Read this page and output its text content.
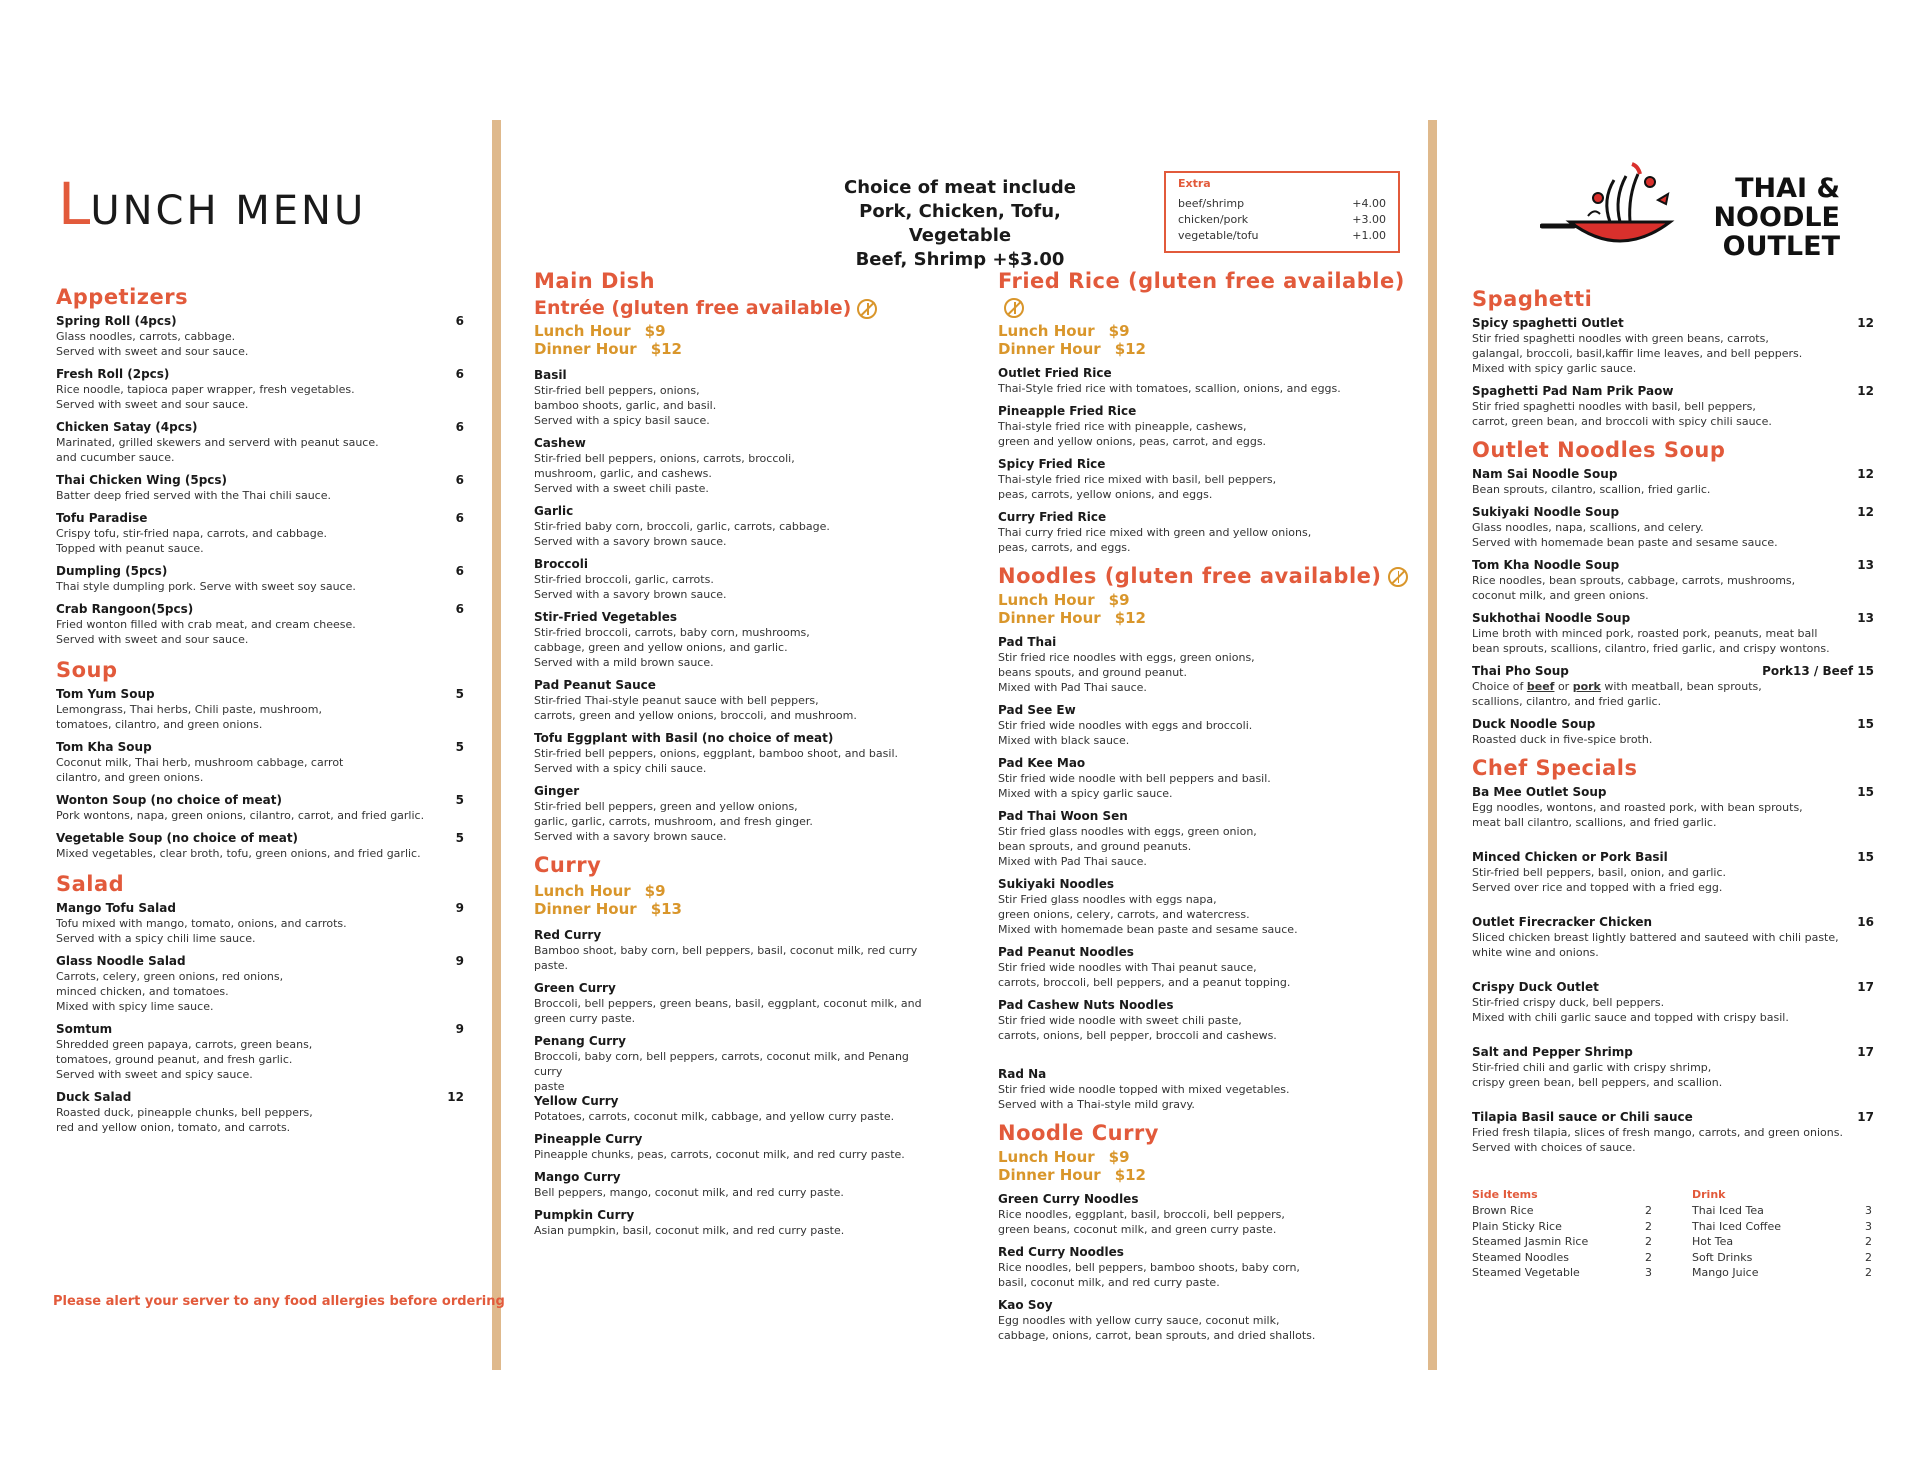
LUNCH MENU
Choice of meat include
Pork, Chicken, Tofu, Vegetable
Beef, Shrimp +$3.00
Extra
beef/shrimp	+4.00
chicken/pork	+3.00
vegetable/tofu	+1.00
THAI &
NOODLE
OUTLET
Appetizers
Spring Roll (4pcs)	6
Glass noodles, carrots, cabbage.
Served with sweet and sour sauce.
Fresh Roll (2pcs)	6
Rice noodle, tapioca paper wrapper, fresh vegetables.
Served with sweet and sour sauce.
Chicken Satay (4pcs)	6
Marinated, grilled skewers and serverd with peanut sauce.
and cucumber sauce.
Thai Chicken Wing (5pcs)	6
Batter deep fried served with the Thai chili sauce.
Tofu Paradise	6
Crispy tofu, stir-fried napa, carrots, and cabbage.
Topped with peanut sauce.
Dumpling (5pcs)	6
Thai style dumpling pork. Serve with sweet soy sauce.
Crab Rangoon(5pcs)	6
Fried wonton filled with crab meat, and cream cheese.
Served with sweet and sour sauce.
Soup
Tom Yum Soup	5
Lemongrass, Thai herbs, Chili paste, mushroom,
tomatoes, cilantro, and green onions.
Tom Kha Soup	5
Coconut milk, Thai herb, mushroom cabbage, carrot
cilantro, and green onions.
Wonton Soup (no choice of meat)	5
Pork wontons, napa, green onions, cilantro, carrot, and fried garlic.
Vegetable Soup (no choice of meat)	5
Mixed vegetables, clear broth, tofu, green onions, and fried garlic.
Salad
Mango Tofu Salad	9
Tofu mixed with mango, tomato, onions, and carrots.
Served with a spicy chili lime sauce.
Glass Noodle Salad	9
Carrots, celery, green onions, red onions,
minced chicken, and tomatoes.
Mixed with spicy lime sauce.
Somtum	9
Shredded green papaya, carrots, green beans,
tomatoes, ground peanut, and fresh garlic.
Served with sweet and spicy sauce.
Duck Salad	12
Roasted duck, pineapple chunks, bell peppers,
red and yellow onion, tomato, and carrots.
Please alert your server to any food allergies before ordering
Main Dish
Entrée (gluten free available)
Lunch Hour $9
Dinner Hour $12
Basil
Stir-fried bell peppers, onions,
bamboo shoots, garlic, and basil.
Served with a spicy basil sauce.
Cashew
Stir-fried bell peppers, onions, carrots, broccoli,
mushroom, garlic, and cashews.
Served with a sweet chili paste.
Garlic
Stir-fried baby corn, broccoli, garlic, carrots, cabbage.
Served with a savory brown sauce.
Broccoli
Stir-fried broccoli, garlic, carrots.
Served with a savory brown sauce.
Stir-Fried Vegetables
Stir-fried broccoli, carrots, baby corn, mushrooms,
cabbage, green and yellow onions, and garlic.
Served with a mild brown sauce.
Pad Peanut Sauce
Stir-fried Thai-style peanut sauce with bell peppers,
carrots, green and yellow onions, broccoli, and mushroom.
Tofu Eggplant with Basil (no choice of meat)
Stir-fried bell peppers, onions, eggplant, bamboo shoot, and basil.
Served with a spicy chili sauce.
Ginger
Stir-fried bell peppers, green and yellow onions,
garlic, garlic, carrots, mushroom, and fresh ginger.
Served with a savory brown sauce.
Curry
Lunch Hour $9
Dinner Hour $13
Red Curry
Bamboo shoot, baby corn, bell peppers, basil, coconut milk, red curry
paste.
Green Curry
Broccoli, bell peppers, green beans, basil, eggplant, coconut milk, and
green curry paste.
Penang Curry
Broccoli, baby corn, bell peppers, carrots, coconut milk, and Penang curry
paste
Yellow Curry
Potatoes, carrots, coconut milk, cabbage, and yellow curry paste.
Pineapple Curry
Pineapple chunks, peas, carrots, coconut milk, and red curry paste.
Mango Curry
Bell peppers, mango, coconut milk, and red curry paste.
Pumpkin Curry
Asian pumpkin, basil, coconut milk, and red curry paste.
Fried Rice (gluten free available)
Lunch Hour $9
Dinner Hour $12
Outlet Fried Rice
Thai-Style fried rice with tomatoes, scallion, onions, and eggs.
Pineapple Fried Rice
Thai-style fried rice with pineapple, cashews,
green and yellow onions, peas, carrot, and eggs.
Spicy Fried Rice
Thai-style fried rice mixed with basil, bell peppers,
peas, carrots, yellow onions, and eggs.
Curry Fried Rice
Thai curry fried rice mixed with green and yellow onions,
peas, carrots, and eggs.
Noodles (gluten free available)
Lunch Hour $9
Dinner Hour $12
Pad Thai
Stir fried rice noodles with eggs, green onions,
beans spouts, and ground peanut.
Mixed with Pad Thai sauce.
Pad See Ew
Stir fried wide noodles with eggs and broccoli.
Mixed with black sauce.
Pad Kee Mao
Stir fried wide noodle with bell peppers and basil.
Mixed with a spicy garlic sauce.
Pad Thai Woon Sen
Stir fried glass noodles with eggs, green onion,
bean sprouts, and ground peanuts.
Mixed with Pad Thai sauce.
Sukiyaki Noodles
Stir Fried glass noodles with eggs napa,
green onions, celery, carrots, and watercress.
Mixed with homemade bean paste and sesame sauce.
Pad Peanut Noodles
Stir fried wide noodles with Thai peanut sauce,
carrots, broccoli, bell peppers, and a peanut topping.
Pad Cashew Nuts Noodles
Stir fried wide noodle with sweet chili paste,
carrots, onions, bell pepper, broccoli and cashews.
Rad Na
Stir fried wide noodle topped with mixed vegetables.
Served with a Thai-style mild gravy.
Noodle Curry
Lunch Hour $9
Dinner Hour $12
Green Curry Noodles
Rice noodles, eggplant, basil, broccoli, bell peppers,
green beans, coconut milk, and green curry paste.
Red Curry Noodles
Rice noodles, bell peppers, bamboo shoots, baby corn,
basil, coconut milk, and red curry paste.
Kao Soy
Egg noodles with yellow curry sauce, coconut milk,
cabbage, onions, carrot, bean sprouts, and dried shallots.
Spaghetti
Spicy spaghetti Outlet	12
Stir fried spaghetti noodles with green beans, carrots,
galangal, broccoli, basil,kaffir lime leaves, and bell peppers.
Mixed with spicy garlic sauce.
Spaghetti Pad Nam Prik Paow	12
Stir fried spaghetti noodles with basil, bell peppers,
carrot, green bean, and broccoli with spicy chili sauce.
Outlet Noodles Soup
Nam Sai Noodle Soup	12
Bean sprouts, cilantro, scallion, fried garlic.
Sukiyaki Noodle Soup	12
Glass noodles, napa, scallions, and celery.
Served with homemade bean paste and sesame sauce.
Tom Kha Noodle Soup	13
Rice noodles, bean sprouts, cabbage, carrots, mushrooms,
coconut milk, and green onions.
Sukhothai Noodle Soup	13
Lime broth with minced pork, roasted pork, peanuts, meat ball
bean sprouts, scallions, cilantro, fried garlic, and crispy wontons.
Thai Pho Soup	Pork13 / Beef 15
Choice of beef or pork with meatball, bean sprouts,
scallions, cilantro, and fried garlic.
Duck Noodle Soup	15
Roasted duck in five-spice broth.
Chef Specials
Ba Mee Outlet Soup	15
Egg noodles, wontons, and roasted pork, with bean sprouts,
meat ball cilantro, scallions, and fried garlic.
Minced Chicken or Pork Basil	15
Stir-fried bell peppers, basil, onion, and garlic.
Served over rice and topped with a fried egg.
Outlet Firecracker Chicken	16
Sliced chicken breast lightly battered and sauteed with chili paste,
white wine and onions.
Crispy Duck Outlet	17
Stir-fried crispy duck, bell peppers.
Mixed with chili garlic sauce and topped with crispy basil.
Salt and Pepper Shrimp	17
Stir-fried chili and garlic with crispy shrimp,
crispy green bean, bell peppers, and scallion.
Tilapia Basil sauce or Chili sauce	17
Fried fresh tilapia, slices of fresh mango, carrots, and green onions.
Served with choices of sauce.
Side Items
Brown Rice	2
Plain Sticky Rice	2
Steamed Jasmin Rice	2
Steamed Noodles	2
Steamed Vegetable	3
Drink
Thai Iced Tea	3
Thai Iced Coffee	3
Hot Tea	2
Soft Drinks	2
Mango Juice	2
